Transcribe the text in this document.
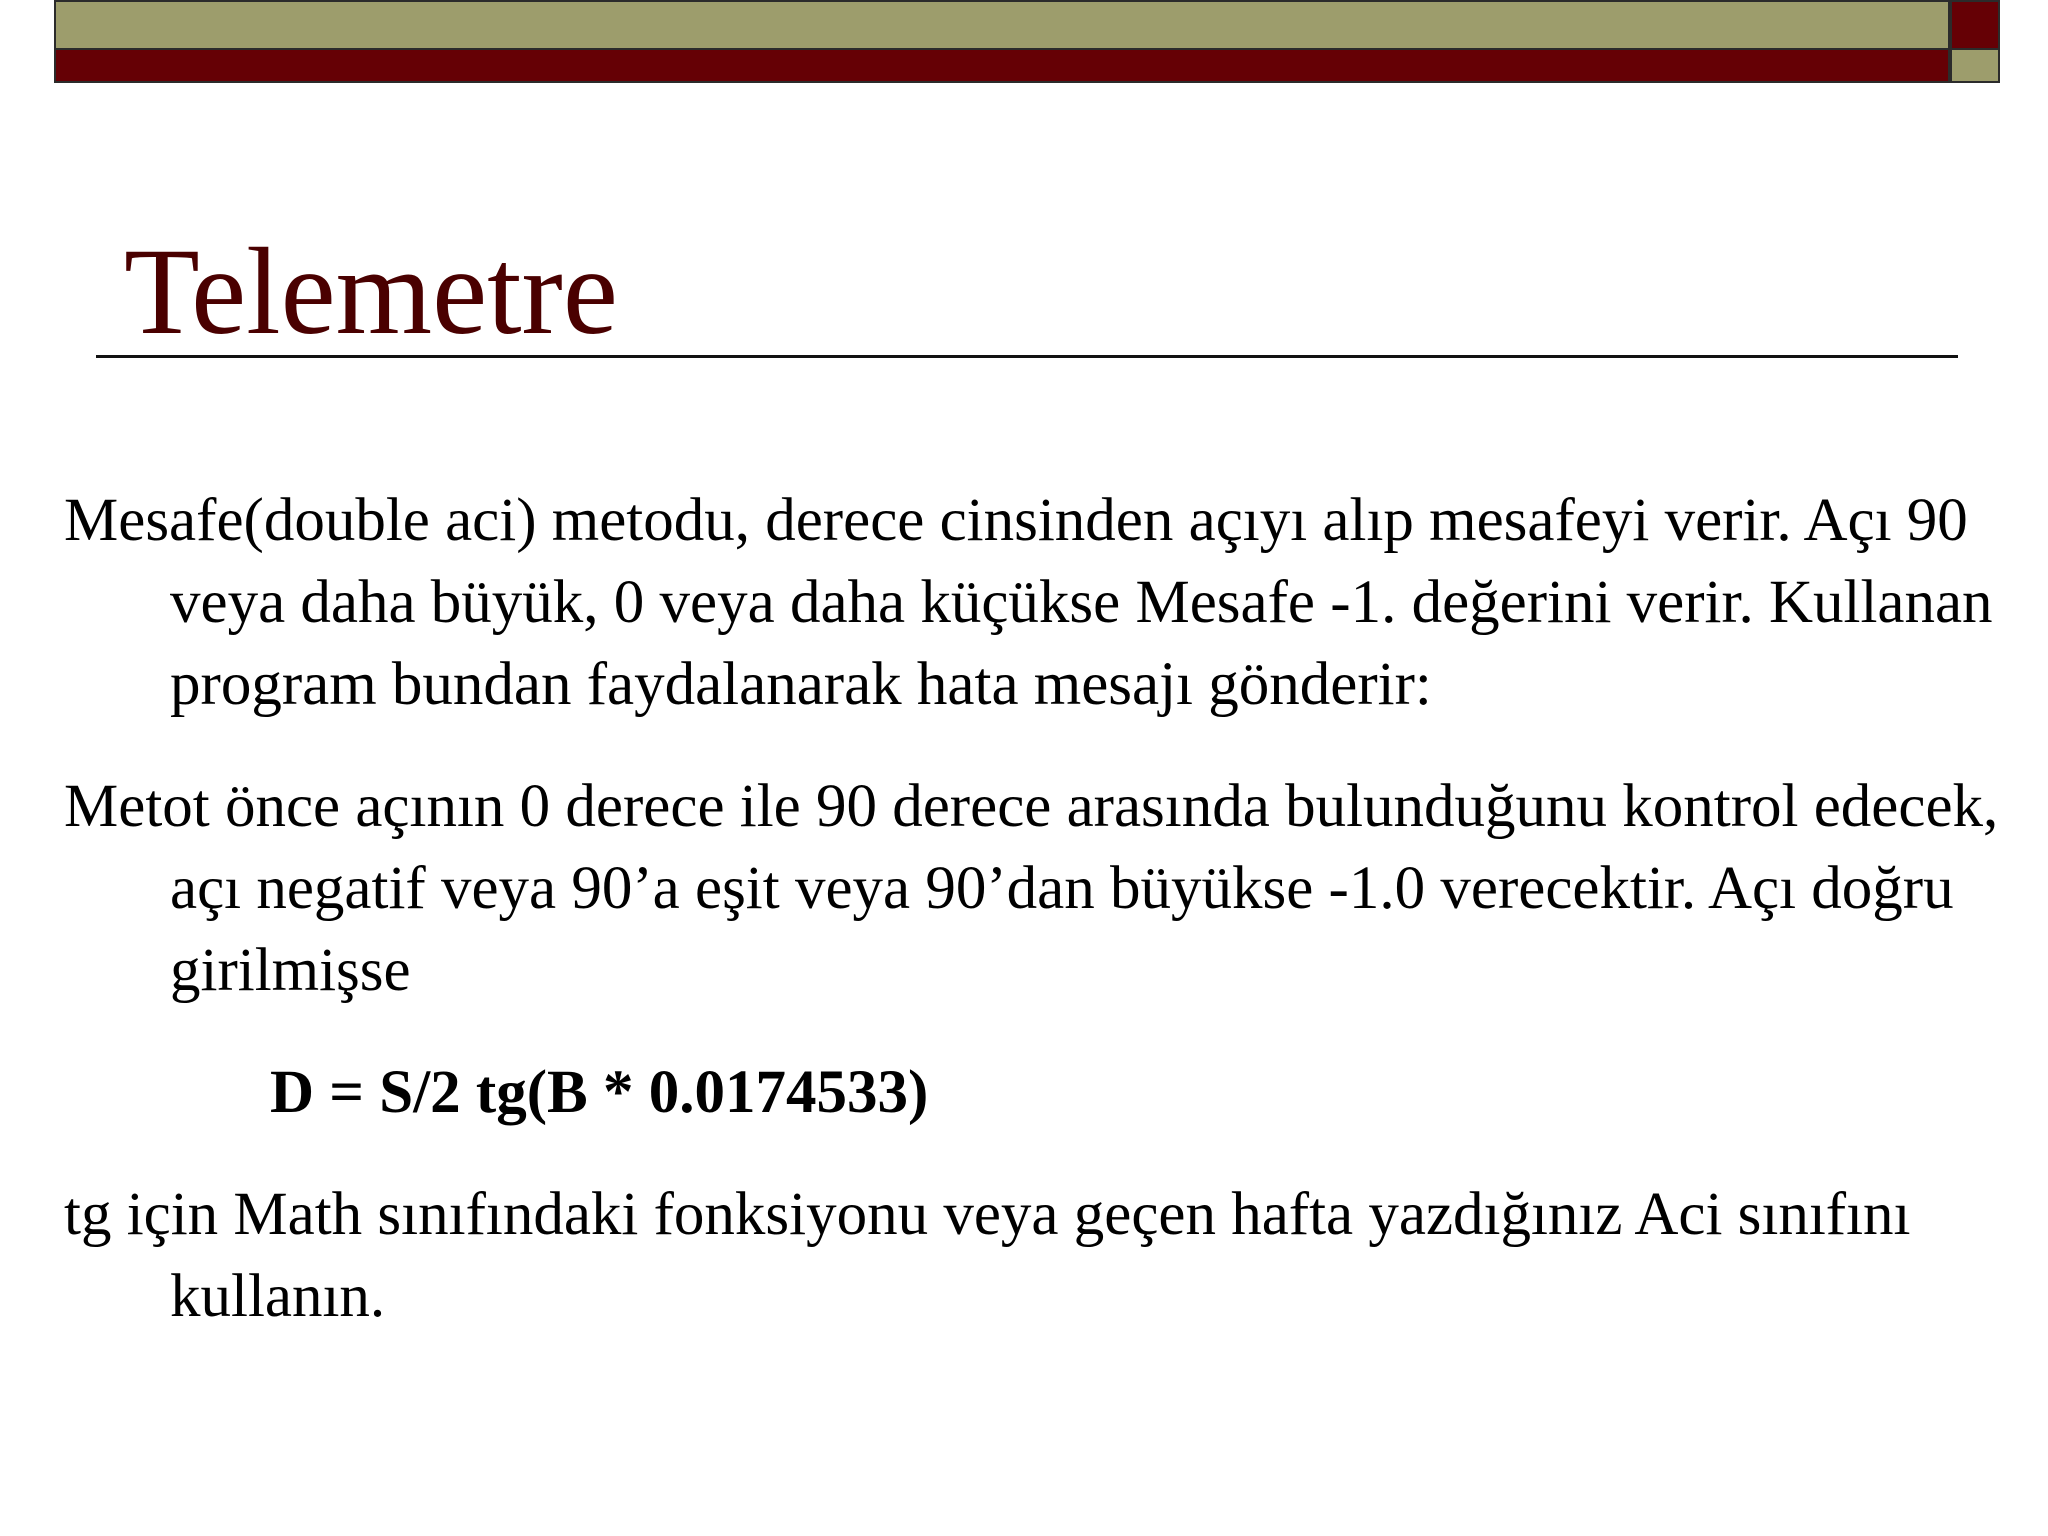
Telemetre

Mesafe(double aci) metodu, derece cinsinden açıyı alıp mesafeyi verir. Açı 90 veya daha büyük, 0 veya daha küçükse Mesafe -1. değerini verir. Kullanan program bundan faydalanarak hata mesajı gönderir:

Metot önce açının 0 derece ile 90 derece arasında bulunduğunu kontrol edecek, açı negatif veya 90’a eşit veya 90’dan büyükse -1.0 verecektir. Açı doğru girilmişse

D = S/2 tg(B * 0.0174533)

tg için Math sınıfındaki fonksiyonu veya geçen hafta yazdığınız Aci sınıfını kullanın.
